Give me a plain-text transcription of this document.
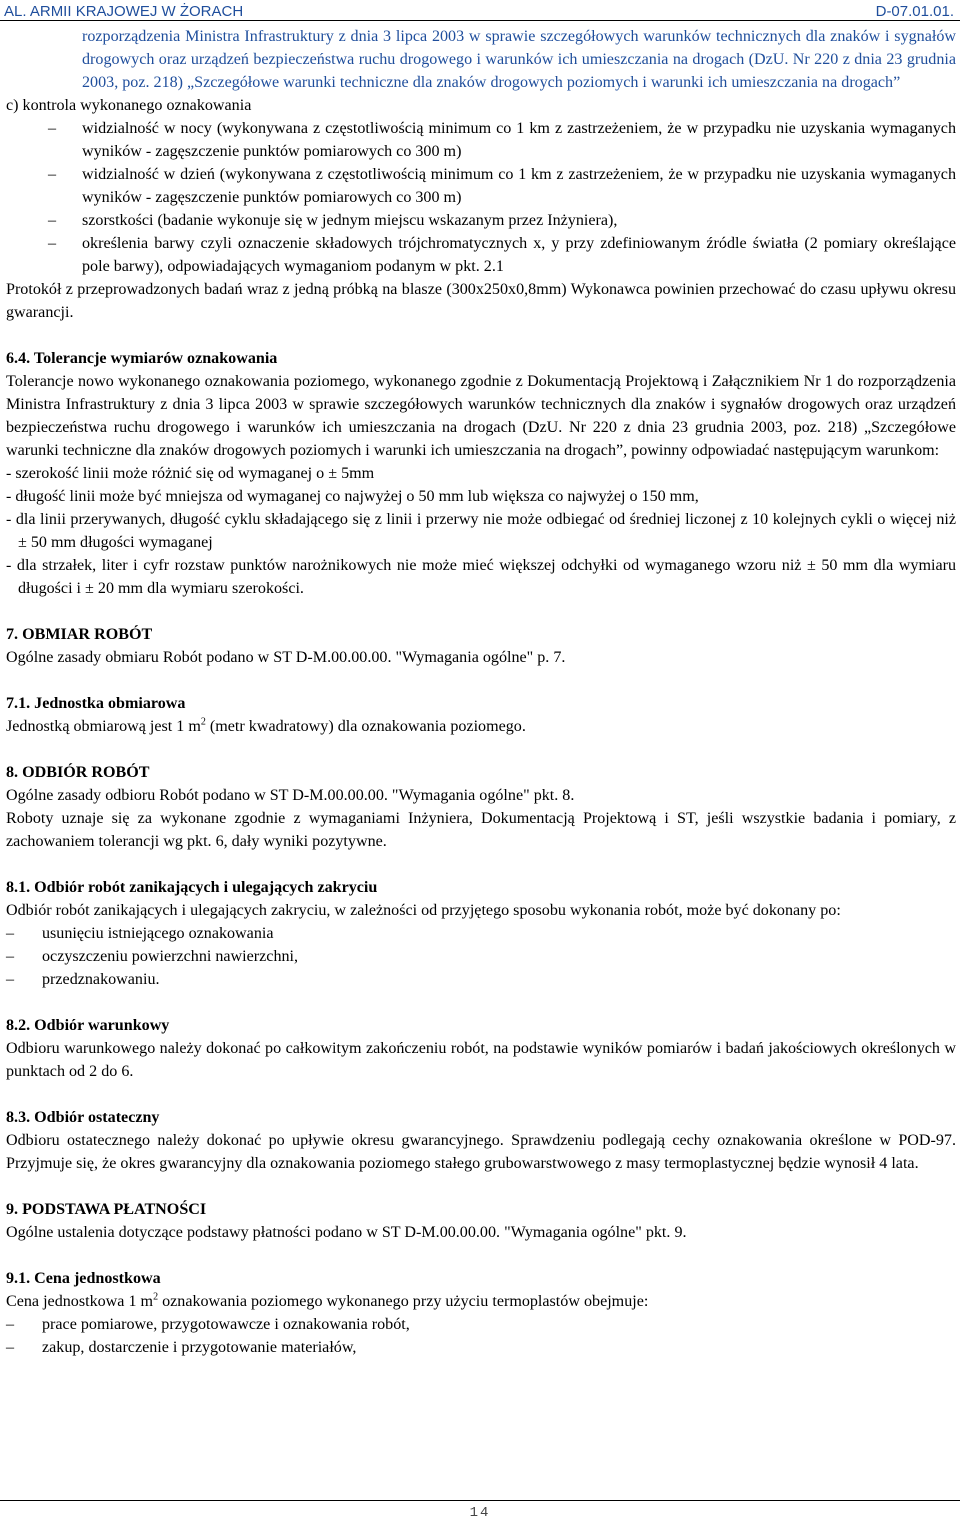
AL. ARMII KRAJOWEJ W ŻORACH	D-07.01.01.

rozporządzenia Ministra Infrastruktury z dnia 3 lipca 2003 w sprawie szczegółowych warunków technicznych dla znaków i sygnałów drogowych oraz urządzeń bezpieczeństwa ruchu drogowego i warunków ich umieszczania na drogach (DzU. Nr 220 z dnia 23 grudnia 2003, poz. 218) „Szczegółowe warunki techniczne dla znaków drogowych poziomych i warunki ich umieszczania na drogach”

c) kontrola wykonanego oznakowania

– widzialność w nocy (wykonywana z częstotliwością minimum co 1 km z zastrzeżeniem, że w przypadku nie uzyskania wymaganych wyników - zagęszczenie punktów pomiarowych co 300 m)
– widzialność w dzień (wykonywana z częstotliwością minimum co 1 km z zastrzeżeniem, że w przypadku nie uzyskania wymaganych wyników - zagęszczenie punktów pomiarowych co 300 m)
– szorstkości (badanie wykonuje się w jednym miejscu wskazanym przez Inżyniera),
– określenia barwy czyli oznaczenie składowych trójchromatycznych x, y przy zdefiniowanym źródle światła (2 pomiary określające pole barwy), odpowiadających wymaganiom podanym w pkt. 2.1

Protokół z przeprowadzonych badań wraz z jedną próbką na blasze (300x250x0,8mm) Wykonawca powinien przechować do czasu upływu okresu gwarancji.

6.4. Tolerancje wymiarów oznakowania

Tolerancje nowo wykonanego oznakowania poziomego, wykonanego zgodnie z Dokumentacją Projektową i Załącznikiem Nr 1 do rozporządzenia Ministra Infrastruktury z dnia 3 lipca 2003 w sprawie szczegółowych warunków technicznych dla znaków i sygnałów drogowych oraz urządzeń bezpieczeństwa ruchu drogowego i warunków ich umieszczania na drogach (DzU. Nr 220 z dnia 23 grudnia 2003, poz. 218) „Szczegółowe warunki techniczne dla znaków drogowych poziomych i warunki ich umieszczania na drogach”, powinny odpowiadać następującym warunkom:

- szerokość linii może różnić się od wymaganej o ± 5mm

- długość linii może być mniejsza od wymaganej co najwyżej o 50 mm lub większa co najwyżej o 150 mm,

- dla linii przerywanych, długość cyklu składającego się z linii i przerwy nie może odbiegać od średniej liczonej z 10 kolejnych cykli o więcej niż ± 50 mm długości wymaganej

- dla strzałek, liter i cyfr rozstaw punktów narożnikowych nie może mieć większej odchyłki od wymaganego wzoru niż ± 50 mm dla wymiaru długości i ± 20 mm dla wymiaru szerokości.

7. OBMIAR ROBÓT

Ogólne zasady obmiaru Robót podano w ST D-M.00.00.00. "Wymagania ogólne" p. 7.

7.1. Jednostka obmiarowa

Jednostką obmiarową jest 1 $m^2$ (metr kwadratowy) dla oznakowania poziomego.

8. ODBIÓR ROBÓT

Ogólne zasady odbioru Robót podano w ST D-M.00.00.00. "Wymagania ogólne" pkt. 8.

Roboty uznaje się za wykonane zgodnie z wymaganiami Inżyniera, Dokumentacją Projektową i ST, jeśli wszystkie badania i pomiary, z zachowaniem tolerancji wg pkt. 6, dały wyniki pozytywne.

8.1. Odbiór robót zanikających i ulegających zakryciu

Odbiór robót zanikających i ulegających zakryciu, w zależności od przyjętego sposobu wykonania robót, może być dokonany po:

– usunięciu istniejącego oznakowania
– oczyszczeniu powierzchni nawierzchni,
– przedznakowaniu.
8.2. Odbiór warunkowy

Odbioru warunkowego należy dokonać po całkowitym zakończeniu robót, na podstawie wyników pomiarów i badań jakościowych określonych w punktach od 2 do 6.

8.3. Odbiór ostateczny

Odbioru ostatecznego należy dokonać po upływie okresu gwarancyjnego. Sprawdzeniu podlegają cechy oznakowania określone w POD-97. Przyjmuje się, że okres gwarancyjny dla oznakowania poziomego stałego grubowarstwowego z masy termoplastycznej będzie wynosił 4 lata.

9. PODSTAWA PŁATNOŚCI

Ogólne ustalenia dotyczące podstawy płatności podano w ST D-M.00.00.00. "Wymagania ogólne" pkt. 9.

9.1. Cena jednostkowa

Cena jednostkowa 1 $m^2$ oznakowania poziomego wykonanego przy użyciu termoplastów obejmuje:

– prace pomiarowe, przygotowawcze i oznakowania robót,
– zakup, dostarczenie i przygotowanie materiałów,
14
